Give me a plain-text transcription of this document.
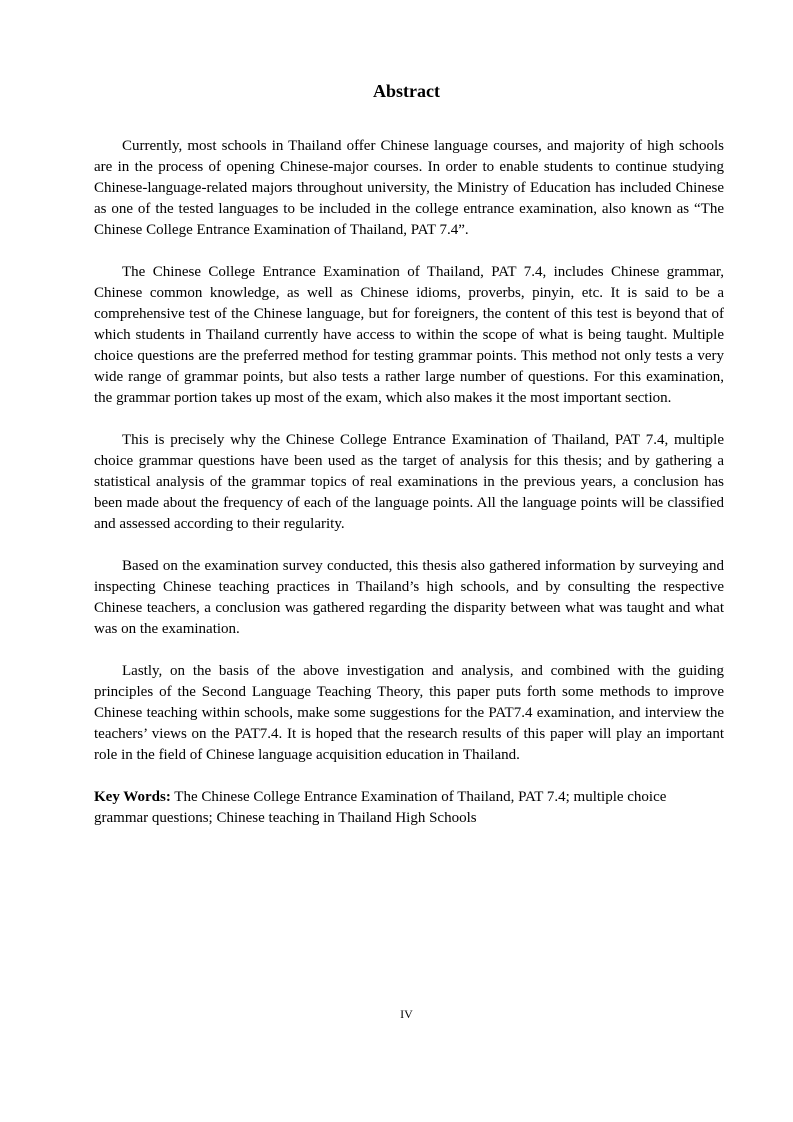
Abstract

Currently, most schools in Thailand offer Chinese language courses, and majority of high schools are in the process of opening Chinese-major courses. In order to enable students to continue studying Chinese-language-related majors throughout university, the Ministry of Education has included Chinese as one of the tested languages to be included in the college entrance examination, also known as “The Chinese College Entrance Examination of Thailand, PAT 7.4”.

The Chinese College Entrance Examination of Thailand, PAT 7.4, includes Chinese grammar, Chinese common knowledge, as well as Chinese idioms, proverbs, pinyin, etc. It is said to be a comprehensive test of the Chinese language, but for foreigners, the content of this test is beyond that of which students in Thailand currently have access to within the scope of what is being taught. Multiple choice questions are the preferred method for testing grammar points. This method not only tests a very wide range of grammar points, but also tests a rather large number of questions. For this examination, the grammar portion takes up most of the exam, which also makes it the most important section.

This is precisely why the Chinese College Entrance Examination of Thailand, PAT 7.4, multiple choice grammar questions have been used as the target of analysis for this thesis; and by gathering a statistical analysis of the grammar topics of real examinations in the previous years, a conclusion has been made about the frequency of each of the language points. All the language points will be classified and assessed according to their regularity.

Based on the examination survey conducted, this thesis also gathered information by surveying and inspecting Chinese teaching practices in Thailand’s high schools, and by consulting the respective Chinese teachers, a conclusion was gathered regarding the disparity between what was taught and what was on the examination.

Lastly, on the basis of the above investigation and analysis, and combined with the guiding principles of the Second Language Teaching Theory, this paper puts forth some methods to improve Chinese teaching within schools, make some suggestions for the PAT7.4 examination, and interview the teachers’ views on the PAT7.4. It is hoped that the research results of this paper will play an important role in the field of Chinese language acquisition education in Thailand.

Key Words: The Chinese College Entrance Examination of Thailand, PAT 7.4; multiple choice grammar questions; Chinese teaching in Thailand High Schools

IV
